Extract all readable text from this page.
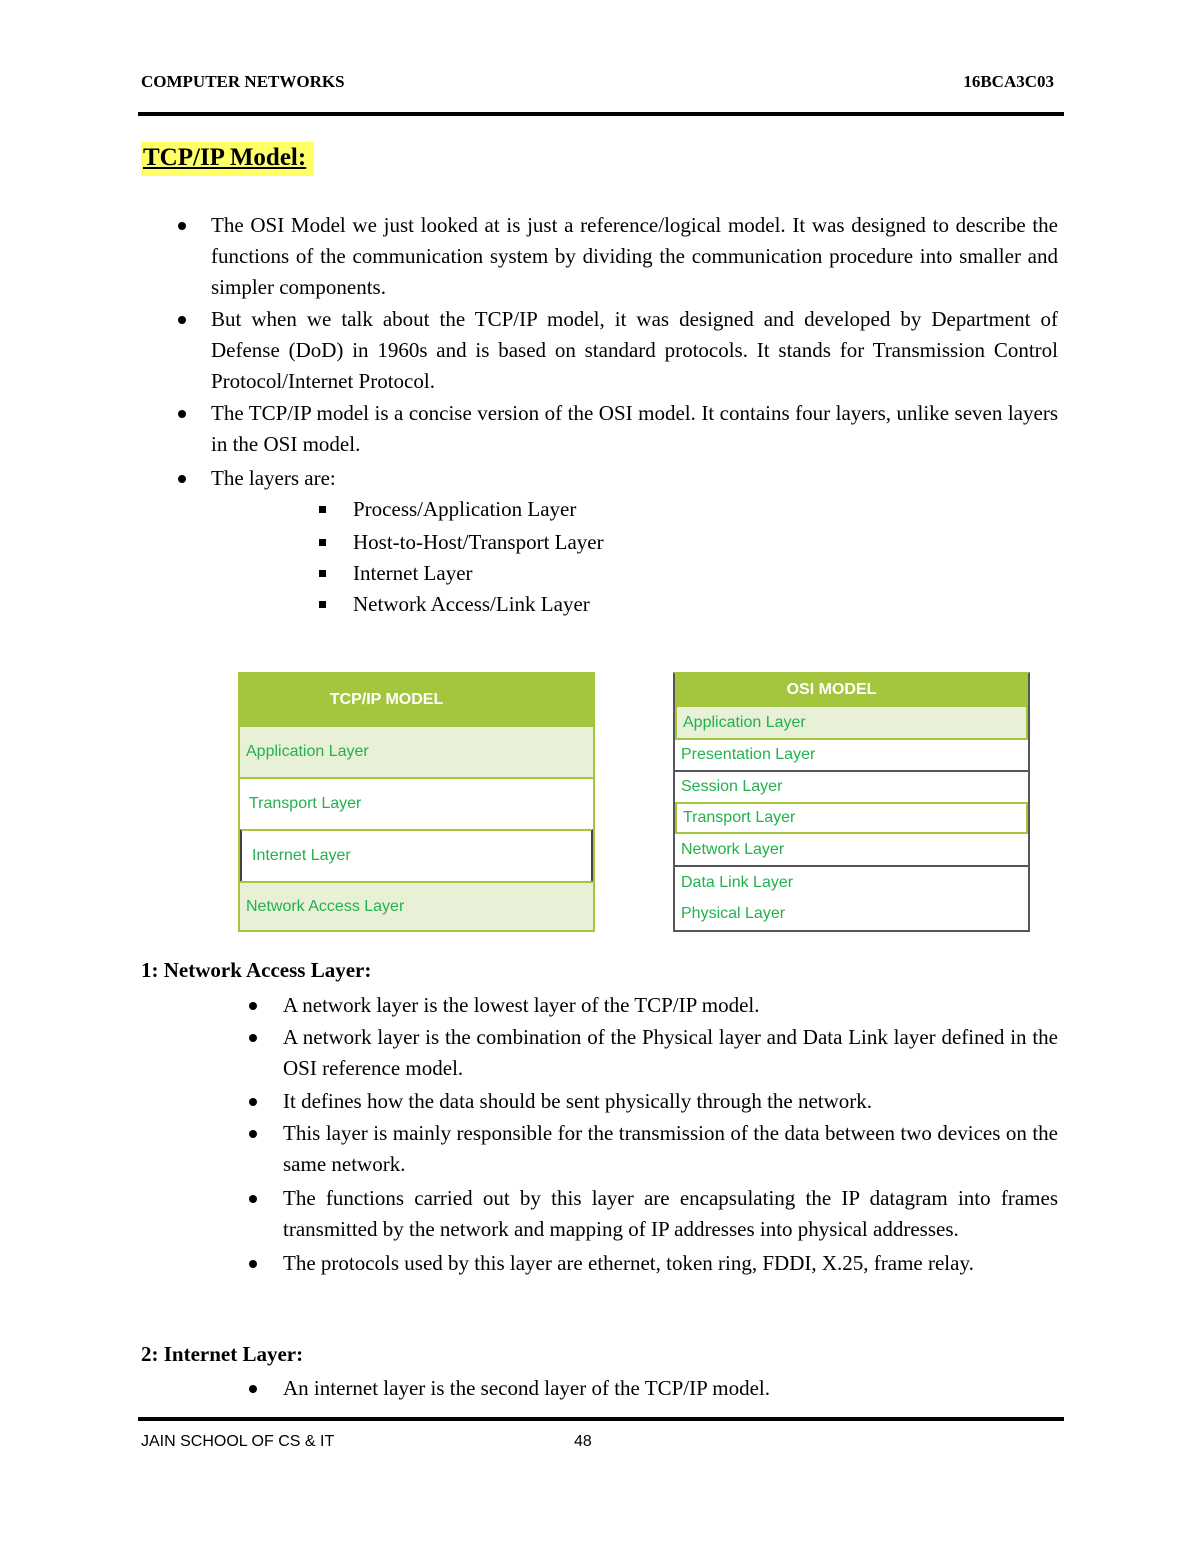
COMPUTER NETWORKS	16BCA3C03
TCP/IP Model:
The OSI Model we just looked at is just a reference/logical model. It was designed to describe the functions of the communication system by dividing the communication procedure into smaller and simpler components.
But when we talk about the TCP/IP model, it was designed and developed by Department of Defense (DoD) in 1960s and is based on standard protocols. It stands for Transmission Control Protocol/Internet Protocol.
The TCP/IP model is a concise version of the OSI model. It contains four layers, unlike seven layers in the OSI model.
The layers are:
Process/Application Layer
Host-to-Host/Transport Layer
Internet Layer
Network Access/Link Layer
TCP/IP MODEL
Application Layer
Transport Layer
Internet Layer
Network Access Layer
OSI MODEL
Application Layer
Presentation Layer
Session Layer
Transport Layer
Network Layer
Data Link Layer
Physical Layer
1: Network Access Layer:
A network layer is the lowest layer of the TCP/IP model.
A network layer is the combination of the Physical layer and Data Link layer defined in the OSI reference model.
It defines how the data should be sent physically through the network.
This layer is mainly responsible for the transmission of the data between two devices on the same network.
The functions carried out by this layer are encapsulating the IP datagram into frames transmitted by the network and mapping of IP addresses into physical addresses.
The protocols used by this layer are ethernet, token ring, FDDI, X.25, frame relay.
2: Internet Layer:
An internet layer is the second layer of the TCP/IP model.
JAIN SCHOOL OF CS & IT	48
